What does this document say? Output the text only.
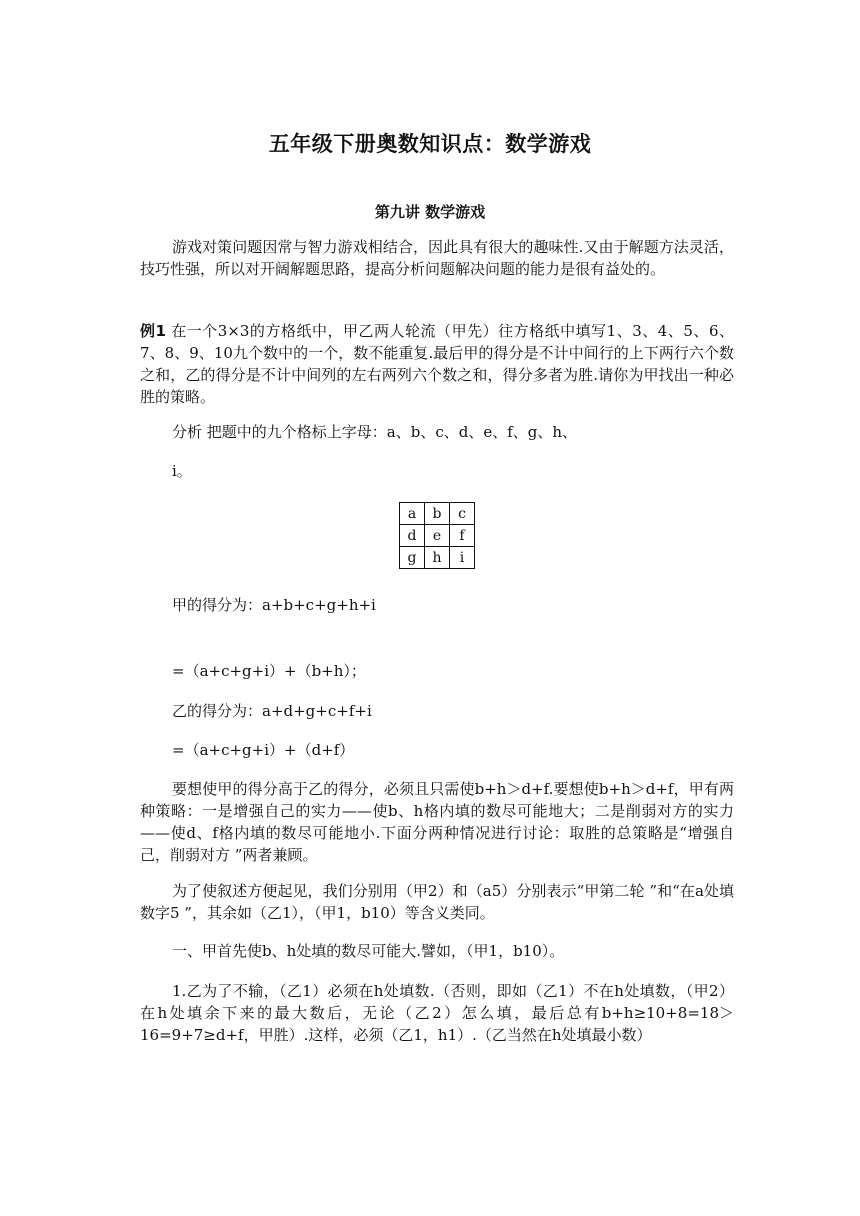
五年级下册奥数知识点：数学游戏
第九讲 数学游戏

游戏对策问题因常与智力游戏相结合，因此具有很大的趣味性.又由于解题方法灵活，技巧性强，所以对开阔解题思路，提高分析问题解决问题的能力是很有益处的。

例1 在一个3×3的方格纸中，甲乙两人轮流（甲先）往方格纸中填写1、3、4、5、6、7、8、9、10九个数中的一个，数不能重复.最后甲的得分是不计中间行的上下两行六个数之和，乙的得分是不计中间列的左右两列六个数之和，得分多者为胜.请你为甲找出一种必胜的策略。

分析 把题中的九个格标上字母：a、b、c、d、e、f、g、h、
i。
a	b	c
d	e	f
g	h	i
甲的得分为：a+b+c+g+h+i
=（a+c+g+i）+（b+h）；
乙的得分为：a+d+g+c+f+i
=（a+c+g+i）+（d+f）

要想使甲的得分高于乙的得分，必须且只需使b+h＞d+f.要想使b+h＞d+f，甲有两种策略：一是增强自己的实力——使b、h格内填的数尽可能地大；二是削弱对方的实力——使d、f格内填的数尽可能地小.下面分两种情况进行讨论：取胜的总策略是“增强自己，削弱对方 ”两者兼顾。

为了使叙述方便起见，我们分别用（甲2）和（a5）分别表示“甲第二轮 ”和“在a处填数字5 ”，其余如（乙1），（甲1，b10）等含义类同。

一、甲首先使b、h处填的数尽可能大.譬如，（甲1，b10）。

1.乙为了不输，（乙1）必须在h处填数.（否则，即如（乙1）不在h处填数，（甲2）在h处填余下来的最大数后，无论（乙2）怎么填，最后总有b+h≥10+8=18＞16=9+7≥d+f，甲胜）.这样，必须（乙1，h1）.（乙当然在h处填最小数）
